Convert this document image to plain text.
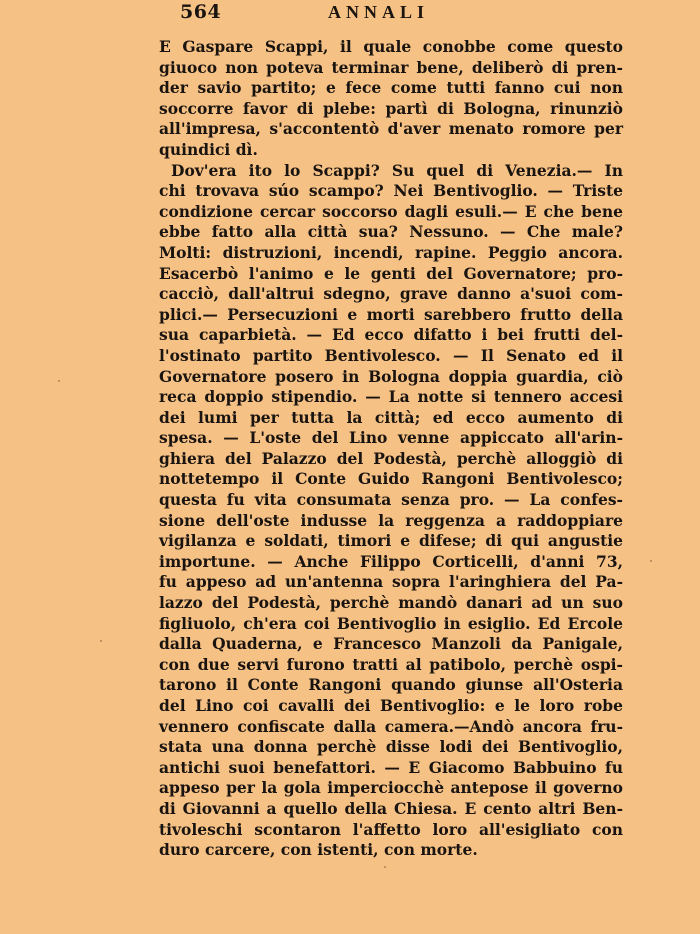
564	ANNALI
E Gaspare Scappi, il quale conobbe come questo
giuoco non poteva terminar bene, deliberò di pren-
der savio partito; e fece come tutti fanno cui non
soccorre favor di plebe: partì di Bologna, rinunziò
all'impresa, s'accontentò d'aver menato romore per
quindici dì.
Dov'era ito lo Scappi? Su quel di Venezia.— In
chi trovava súo scampo? Nei Bentivoglio. — Triste
condizione cercar soccorso dagli esuli.— E che bene
ebbe fatto alla città sua? Nessuno. — Che male?
Molti: distruzioni, incendi, rapine. Peggio ancora.
Esacerbò l'animo e le genti del Governatore; pro-
cacciò, dall'altrui sdegno, grave danno a'suoi com-
plici.— Persecuzioni e morti sarebbero frutto della
sua caparbietà. — Ed ecco difatto i bei frutti del-
l'ostinato partito Bentivolesco. — Il Senato ed il
Governatore posero in Bologna doppia guardia, ciò
reca doppio stipendio. — La notte si tennero accesi
dei lumi per tutta la città; ed ecco aumento di
spesa. — L'oste del Lino venne appiccato all'arin-
ghiera del Palazzo del Podestà, perchè alloggiò di
nottetempo il Conte Guido Rangoni Bentivolesco;
questa fu vita consumata senza pro. — La confes-
sione dell'oste indusse la reggenza a raddoppiare
vigilanza e soldati, timori e difese; di qui angustie
importune. — Anche Filippo Corticelli, d'anni 73,
fu appeso ad un'antenna sopra l'aringhiera del Pa-
lazzo del Podestà, perchè mandò danari ad un suo
figliuolo, ch'era coi Bentivoglio in esiglio. Ed Ercole
dalla Quaderna, e Francesco Manzoli da Panigale,
con due servi furono tratti al patibolo, perchè ospi-
tarono il Conte Rangoni quando giunse all'Osteria
del Lino coi cavalli dei Bentivoglio: e le loro robe
vennero confiscate dalla camera.—Andò ancora fru-
stata una donna perchè disse lodi dei Bentivoglio,
antichi suoi benefattori. — E Giacomo Babbuino fu
appeso per la gola imperciocchè antepose il governo
di Giovanni a quello della Chiesa. E cento altri Ben-
tivoleschi scontaron l'affetto loro all'esigliato con
duro carcere, con istenti, con morte.
